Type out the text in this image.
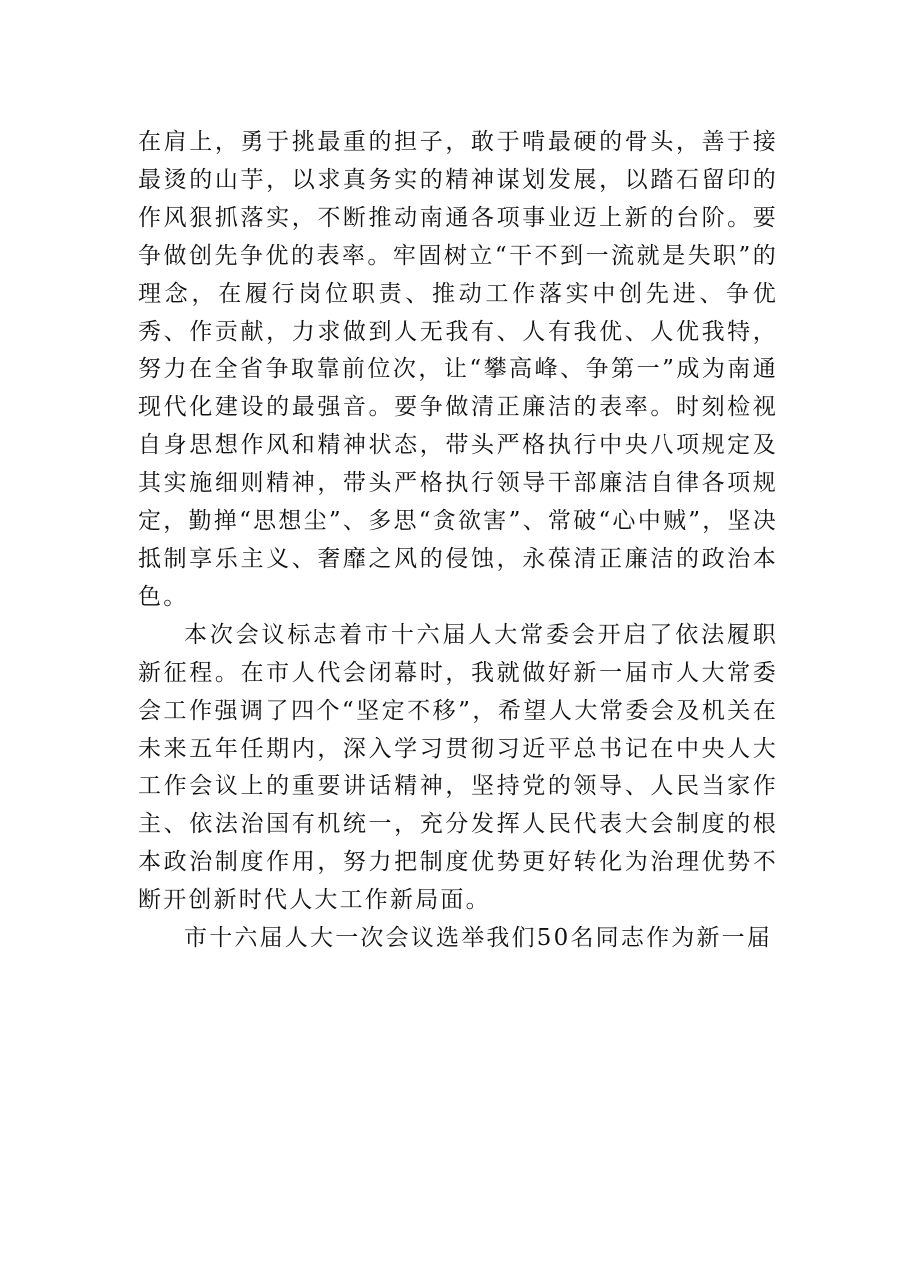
在肩上，勇于挑最重的担子，敢于啃最硬的骨头，善于接最烫的山芋，以求真务实的精神谋划发展，以踏石留印的作风狠抓落实，不断推动南通各项事业迈上新的台阶。要争做创先争优的表率。牢固树立“干不到一流就是失职”的理念，在履行岗位职责、推动工作落实中创先进、争优秀、作贡献，力求做到人无我有、人有我优、人优我特，努力在全省争取靠前位次，让“攀高峰、争第一”成为南通现代化建设的最强音。要争做清正廉洁的表率。时刻检视自身思想作风和精神状态，带头严格执行中央八项规定及其实施细则精神，带头严格执行领导干部廉洁自律各项规定，勤掸“思想尘”、多思“贪欲害”、常破“心中贼”，坚决抵制享乐主义、奢靡之风的侵蚀，永葆清正廉洁的政治本色。

本次会议标志着市十六届人大常委会开启了依法履职新征程。在市人代会闭幕时，我就做好新一届市人大常委会工作强调了四个“坚定不移”，希望人大常委会及机关在未来五年任期内，深入学习贯彻习近平总书记在中央人大工作会议上的重要讲话精神，坚持党的领导、人民当家作主、依法治国有机统一，充分发挥人民代表大会制度的根本政治制度作用，努力把制度优势更好转化为治理优势不断开创新时代人大工作新局面。

市十六届人大一次会议选举我们50名同志作为新一届
